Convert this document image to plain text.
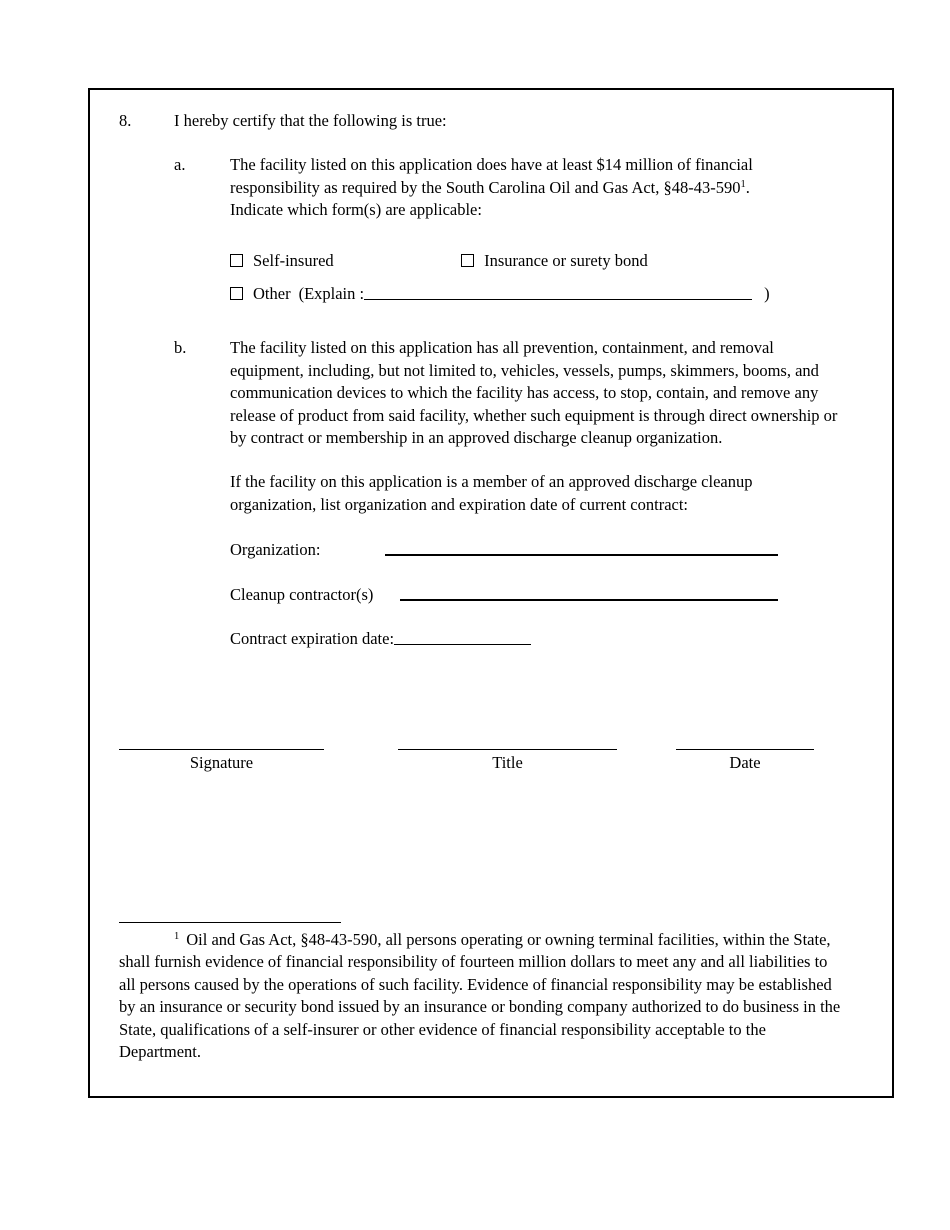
8.	I hereby certify that the following is true:
a.	The facility listed on this application does have at least $14 million of financial responsibility as required by the South Carolina Oil and Gas Act, $\S 48-43-590^1$.
Indicate which form(s) are applicable:

Self-insured	Insurance or surety bond
Other (Explain :	)
b.	The facility listed on this application has all prevention, containment, and removal equipment, including, but not limited to, vehicles, vessels, pumps, skimmers, booms, and communication devices to which the facility has access, to stop, contain, and remove any release of product from said facility, whether such equipment is through direct ownership or by contract or membership in an approved discharge cleanup organization.

If the facility on this application is a member of an approved discharge cleanup organization, list organization and expiration date of current contract:

Organization:
Cleanup contractor(s)
Contract expiration date:
Signature	Title	Date

$^1$ Oil and Gas Act, §48-43-590, all persons operating or owning terminal facilities, within the State, shall furnish evidence of financial responsibility of fourteen million dollars to meet any and all liabilities to all persons caused by the operations of such facility. Evidence of financial responsibility may be established by an insurance or security bond issued by an insurance or bonding company authorized to do business in the State, qualifications of a self-insurer or other evidence of financial responsibility acceptable to the Department.
